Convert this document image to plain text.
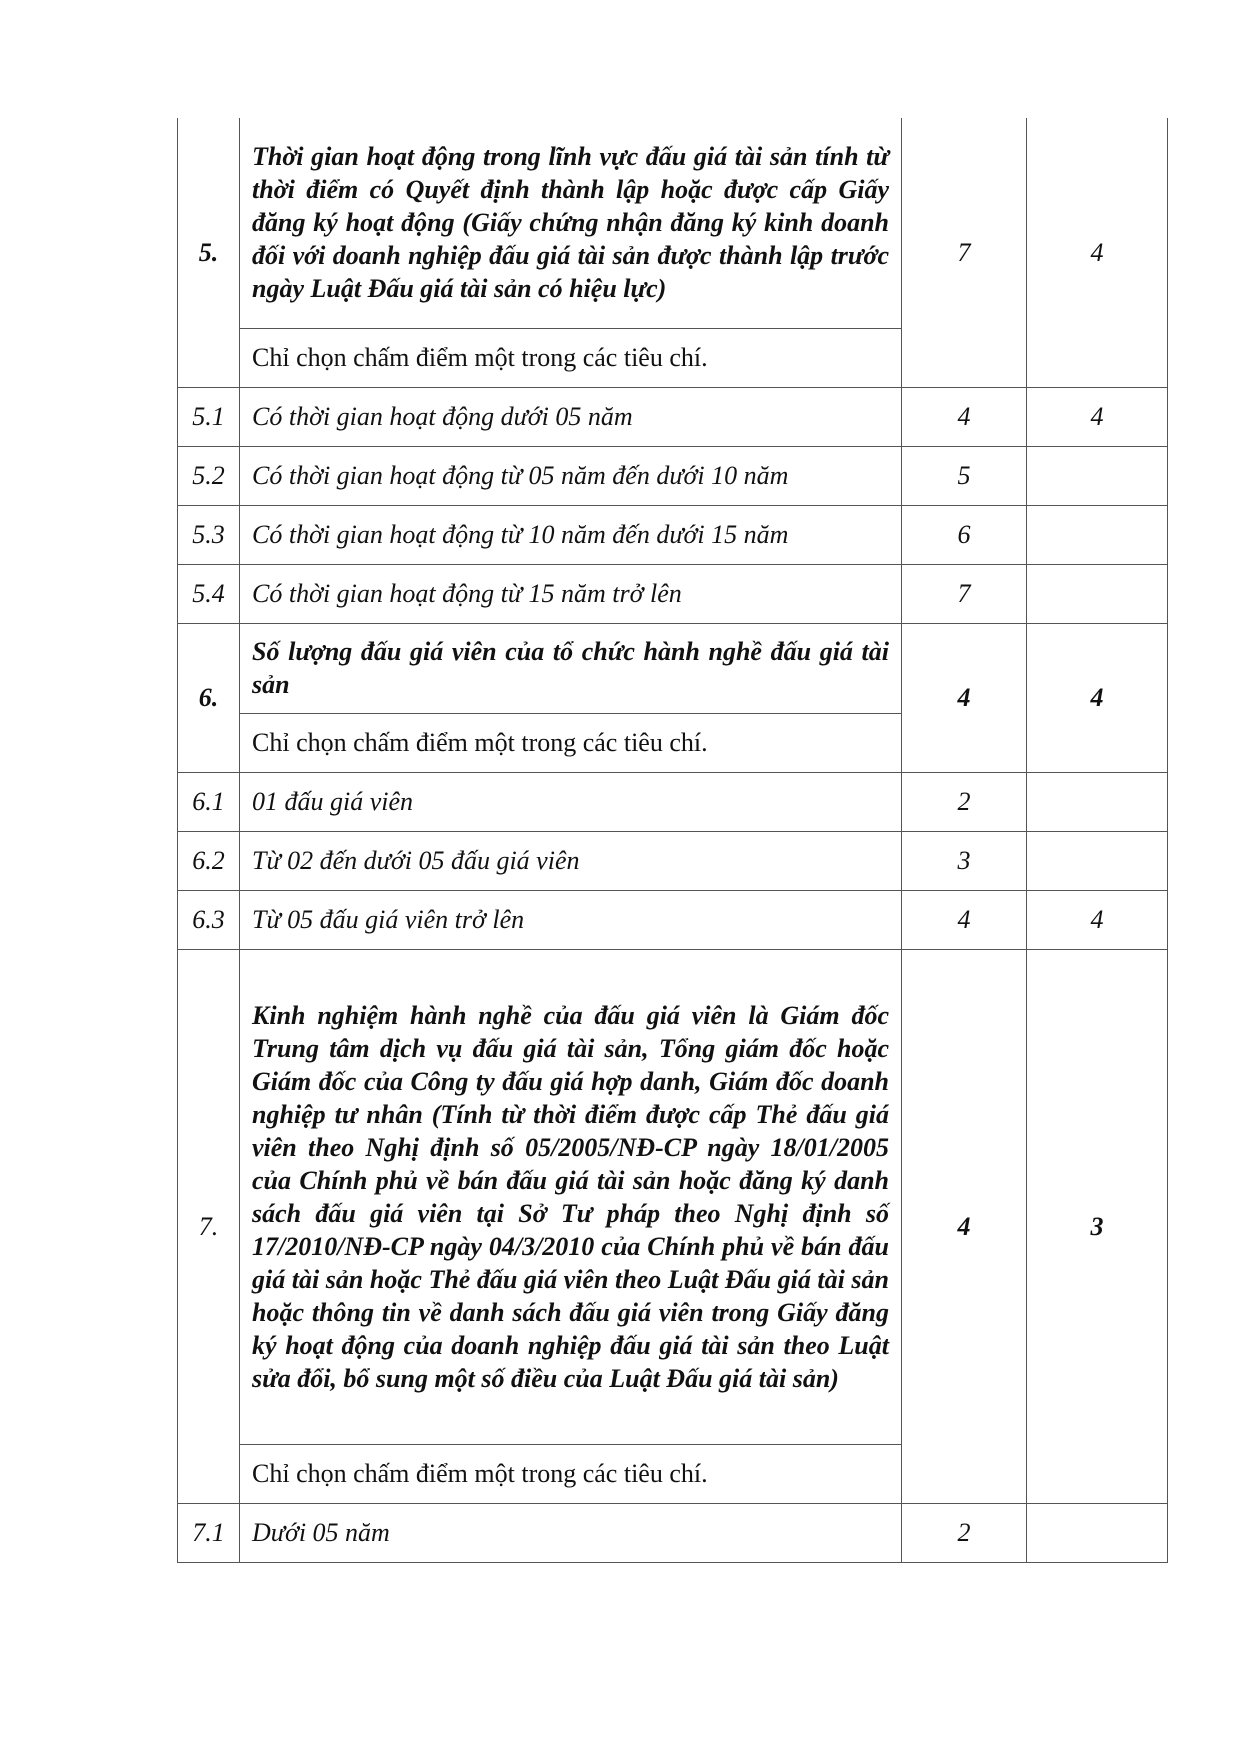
5.	Thời gian hoạt động trong lĩnh vực đấu giá tài sản tính từ thời điểm có Quyết định thành lập hoặc được cấp Giấy đăng ký hoạt động (Giấy chứng nhận đăng ký kinh doanh đối với doanh nghiệp đấu giá tài sản được thành lập trước ngày Luật Đấu giá tài sản có hiệu lực)	7	4
	Chỉ chọn chấm điểm một trong các tiêu chí.		
5.1	Có thời gian hoạt động dưới 05 năm	4	4
5.2	Có thời gian hoạt động từ 05 năm đến dưới 10 năm	5	
5.3	Có thời gian hoạt động từ 10 năm đến dưới 15 năm	6	
5.4	Có thời gian hoạt động từ 15 năm trở lên	7	
6.	Số lượng đấu giá viên của tổ chức hành nghề đấu giá tài sản	4	4
	Chỉ chọn chấm điểm một trong các tiêu chí.		
6.1	01 đấu giá viên	2	
6.2	Từ 02 đến dưới 05 đấu giá viên	3	
6.3	Từ 05 đấu giá viên trở lên	4	4
7.	Kinh nghiệm hành nghề của đấu giá viên là Giám đốc Trung tâm dịch vụ đấu giá tài sản, Tổng giám đốc hoặc Giám đốc của Công ty đấu giá hợp danh, Giám đốc doanh nghiệp tư nhân (Tính từ thời điểm được cấp Thẻ đấu giá viên theo Nghị định số 05/2005/NĐ-CP ngày 18/01/2005 của Chính phủ về bán đấu giá tài sản hoặc đăng ký danh sách đấu giá viên tại Sở Tư pháp theo Nghị định số 17/2010/NĐ-CP ngày 04/3/2010 của Chính phủ về bán đấu giá tài sản hoặc Thẻ đấu giá viên theo Luật Đấu giá tài sản hoặc thông tin về danh sách đấu giá viên trong Giấy đăng ký hoạt động của doanh nghiệp đấu giá tài sản theo Luật sửa đổi, bổ sung một số điều của Luật Đấu giá tài sản)	4	3
	Chỉ chọn chấm điểm một trong các tiêu chí.		
7.1	Dưới 05 năm	2	
